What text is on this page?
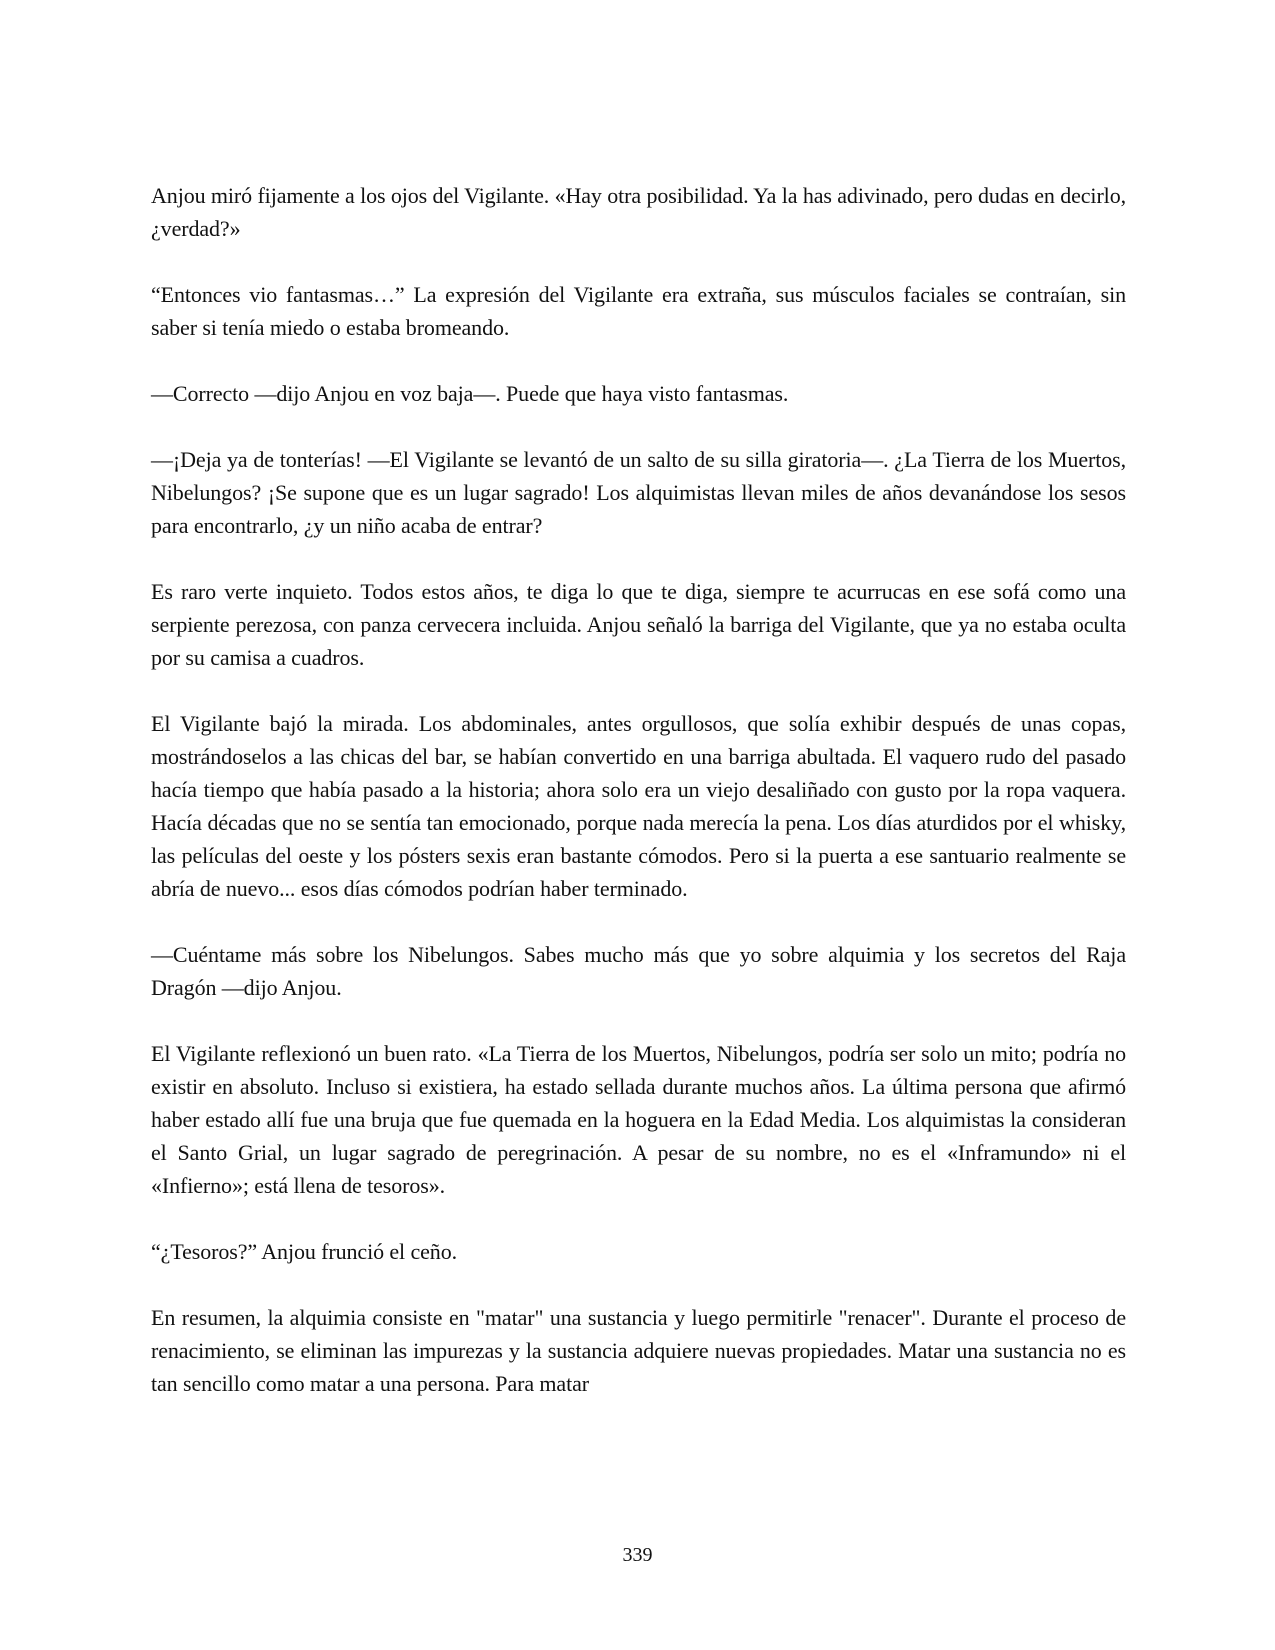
Anjou miró fijamente a los ojos del Vigilante. «Hay otra posibilidad. Ya la has adivinado, pero dudas en decirlo, ¿verdad?»

“Entonces vio fantasmas…” La expresión del Vigilante era extraña, sus músculos faciales se contraían, sin saber si tenía miedo o estaba bromeando.

—Correcto —dijo Anjou en voz baja—. Puede que haya visto fantasmas.

—¡Deja ya de tonterías! —El Vigilante se levantó de un salto de su silla giratoria—. ¿La Tierra de los Muertos, Nibelungos? ¡Se supone que es un lugar sagrado! Los alquimistas llevan miles de años devanándose los sesos para encontrarlo, ¿y un niño acaba de entrar?

Es raro verte inquieto. Todos estos años, te diga lo que te diga, siempre te acurrucas en ese sofá como una serpiente perezosa, con panza cervecera incluida. Anjou señaló la barriga del Vigilante, que ya no estaba oculta por su camisa a cuadros.

El Vigilante bajó la mirada. Los abdominales, antes orgullosos, que solía exhibir después de unas copas, mostrándoselos a las chicas del bar, se habían convertido en una barriga abultada. El vaquero rudo del pasado hacía tiempo que había pasado a la historia; ahora solo era un viejo desaliñado con gusto por la ropa vaquera. Hacía décadas que no se sentía tan emocionado, porque nada merecía la pena. Los días aturdidos por el whisky, las películas del oeste y los pósters sexis eran bastante cómodos. Pero si la puerta a ese santuario realmente se abría de nuevo... esos días cómodos podrían haber terminado.

—Cuéntame más sobre los Nibelungos. Sabes mucho más que yo sobre alquimia y los secretos del Raja Dragón —dijo Anjou.

El Vigilante reflexionó un buen rato. «La Tierra de los Muertos, Nibelungos, podría ser solo un mito; podría no existir en absoluto. Incluso si existiera, ha estado sellada durante muchos años. La última persona que afirmó haber estado allí fue una bruja que fue quemada en la hoguera en la Edad Media. Los alquimistas la consideran el Santo Grial, un lugar sagrado de peregrinación. A pesar de su nombre, no es el «Inframundo» ni el «Infierno»; está llena de tesoros».

“¿Tesoros?” Anjou frunció el ceño.

En resumen, la alquimia consiste en "matar" una sustancia y luego permitirle "renacer". Durante el proceso de renacimiento, se eliminan las impurezas y la sustancia adquiere nuevas propiedades. Matar una sustancia no es tan sencillo como matar a una persona. Para matar

339
